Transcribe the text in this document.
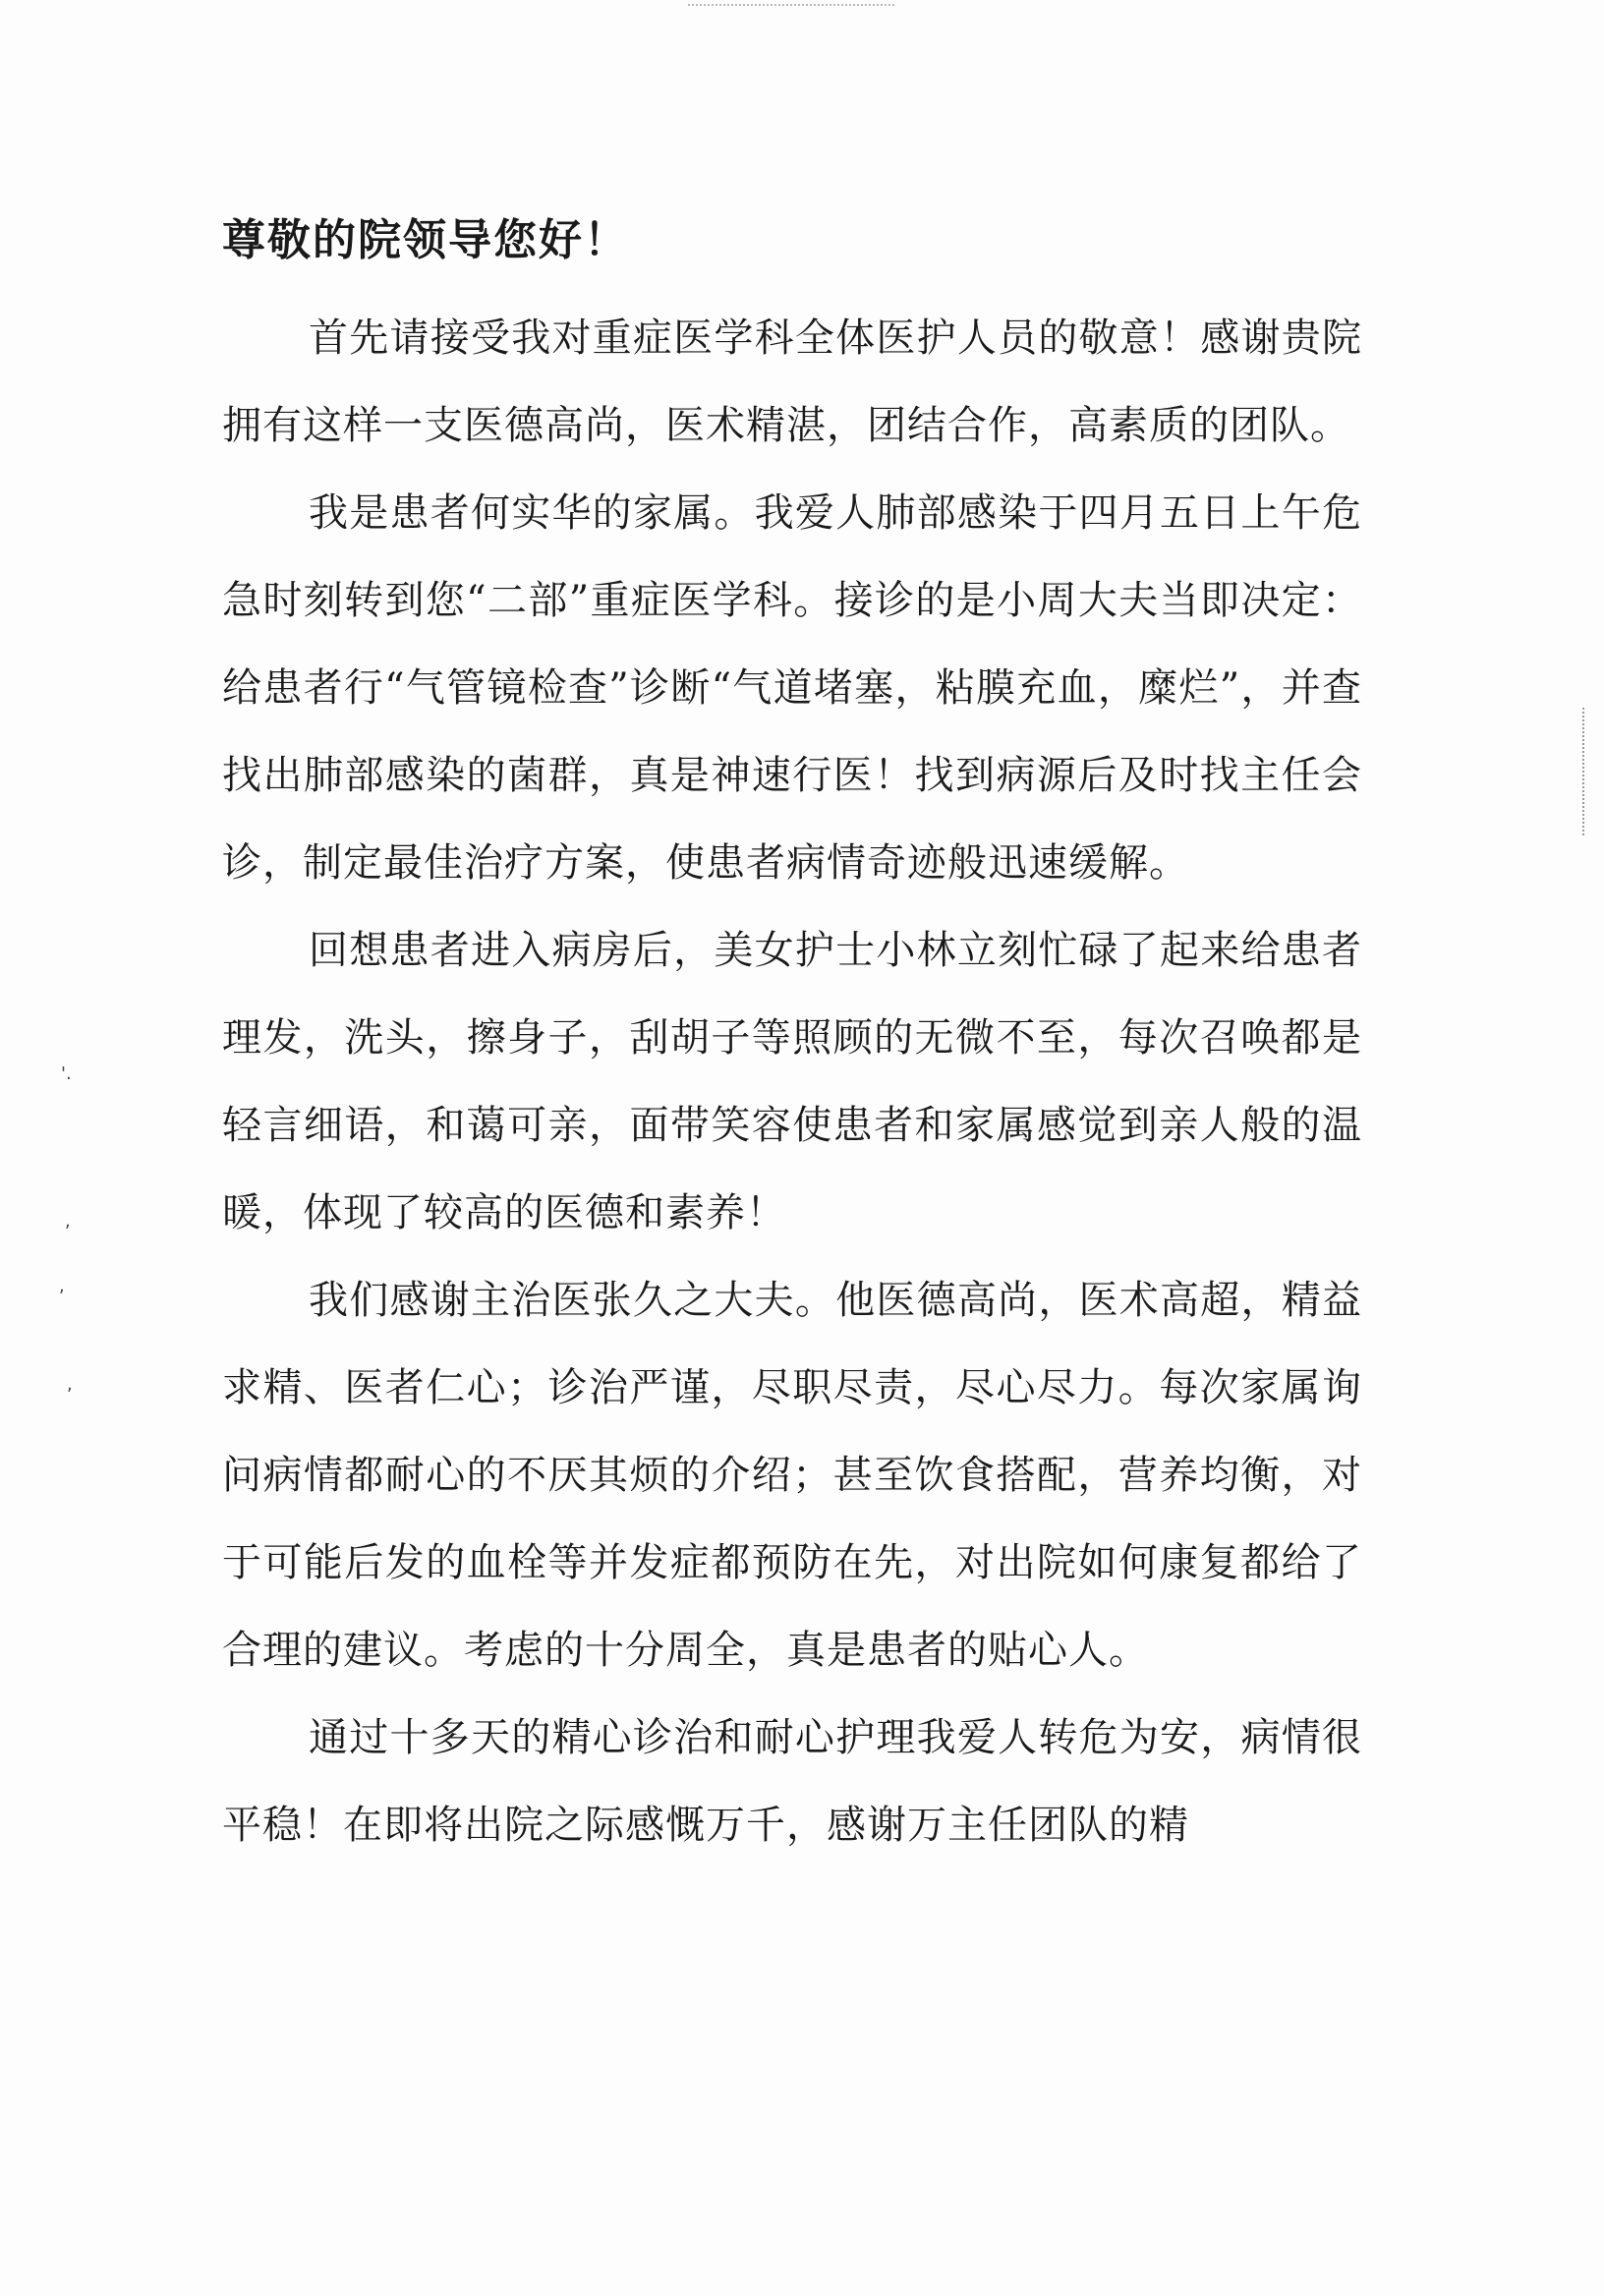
'.
,
,
,
尊敬的院领导您好！

首先请接受我对重症医学科全体医护人员的敬意！感谢贵院拥有这样一支医德高尚，医术精湛，团结合作，高素质的团队。

我是患者何实华的家属。我爱人肺部感染于四月五日上午危急时刻转到您“二部”重症医学科。接诊的是小周大夫当即决定：给患者行“气管镜检查”诊断“气道堵塞，粘膜充血，糜烂”，并查找出肺部感染的菌群，真是神速行医！找到病源后及时找主任会诊，制定最佳治疗方案，使患者病情奇迹般迅速缓解。

回想患者进入病房后，美女护士小林立刻忙碌了起来给患者理发，洗头，擦身子，刮胡子等照顾的无微不至，每次召唤都是轻言细语，和蔼可亲，面带笑容使患者和家属感觉到亲人般的温暖，体现了较高的医德和素养！

我们感谢主治医张久之大夫。他医德高尚，医术高超，精益求精、医者仁心；诊治严谨，尽职尽责，尽心尽力。每次家属询问病情都耐心的不厌其烦的介绍；甚至饮食搭配，营养均衡，对于可能后发的血栓等并发症都预防在先，对出院如何康复都给了合理的建议。考虑的十分周全，真是患者的贴心人。

通过十多天的精心诊治和耐心护理我爱人转危为安，病情很平稳！在即将出院之际感慨万千，感谢万主任团队的精
